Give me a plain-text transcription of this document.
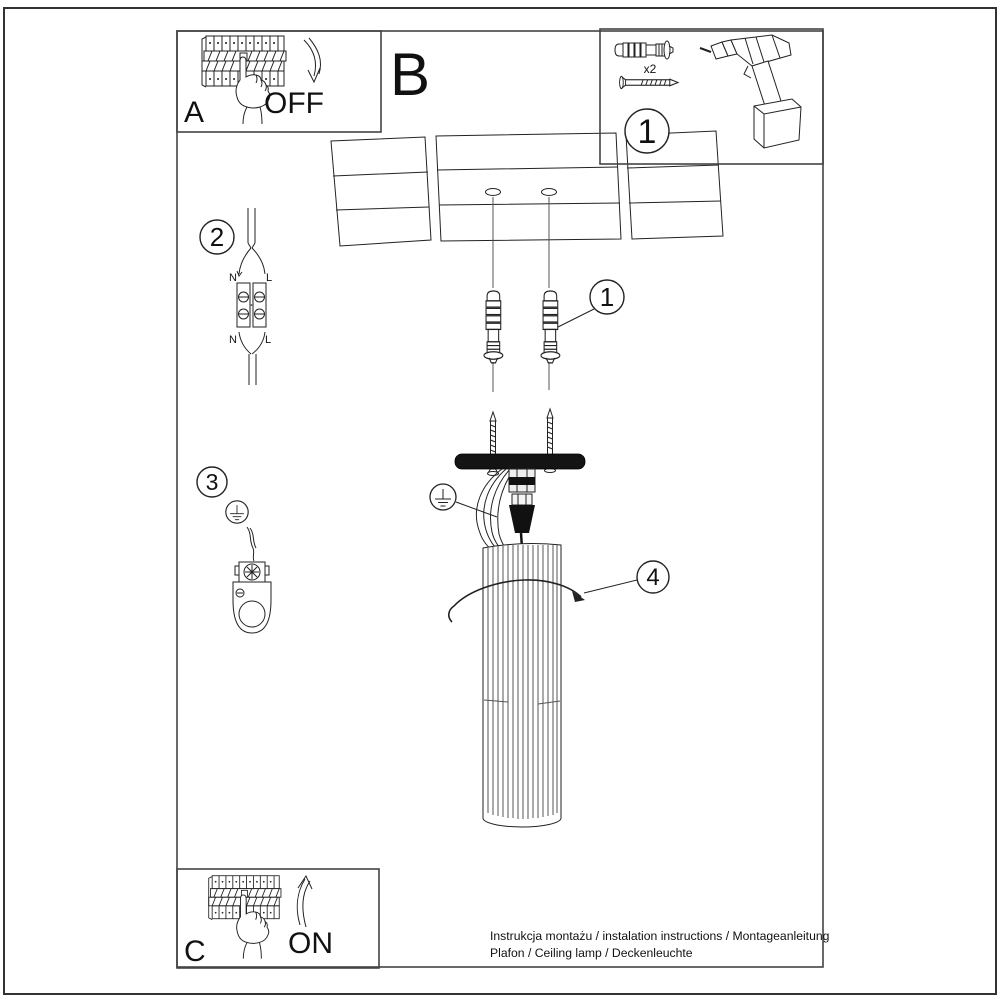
B
1
4
2
N	L
N	L
3
OFF
A
x2
1
ON
C	Instrukcja montażu / instalation instructions / Montageanleitung
Plafon / Ceiling lamp / Deckenleuchte
